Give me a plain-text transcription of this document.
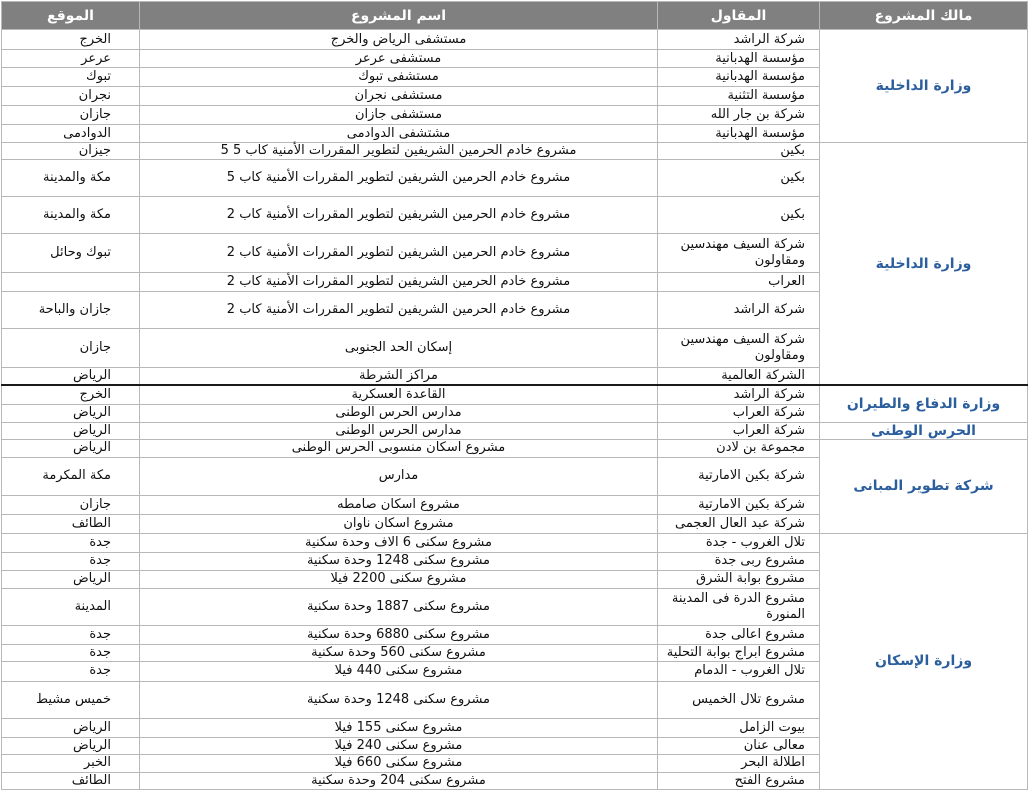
مالك المشروع	المقاول	اسم المشروع	الموقع
وزارة الداخلية	شركة الراشد	مستشفى الرياض والخرج	الخرج
	مؤسسة الهدبانية	مستشفى عرعر	عرعر
	مؤسسة الهدبانية	مستشفى تبوك	تبوك
	مؤسسة التثنية	مستشفى نجران	نجران
	شركة بن جار الله	مستشفى جازان	جازان
	مؤسسة الهدبانية	مشتشفى الدوادمى	الدوادمى
وزارة الداخلية	بكين	مشروع خادم الحرمين الشريفين لتطوير المقررات الأمنية كاب 5 5	جيزان
	بكين	مشروع خادم الحرمين الشريفين لتطوير المقررات الأمنية كاب 5	مكة والمدينة
	بكين	مشروع خادم الحرمين الشريفين لتطوير المقررات الأمنية كاب 2	مكة والمدينة
	شركة السيف مهندسين ومقاولون	مشروع خادم الحرمين الشريفين لتطوير المقررات الأمنية كاب 2	تبوك وحائل
	العراب	مشروع خادم الحرمين الشريفين لتطوير المقررات الأمنية كاب 2	
	شركة الراشد	مشروع خادم الحرمين الشريفين لتطوير المقررات الأمنية كاب 2	جازان والباحة
	شركة السيف مهندسين ومقاولون	إسكان الحد الجنوبى	جازان
	الشركة العالمية	مراكز الشرطة	الرياض
وزارة الدفاع والطيران	شركة الراشد	القاعدة العسكرية	الخرج
	شركة العراب	مدارس الحرس الوطنى	الرياض
الحرس الوطنى	شركة العراب	مدارس الحرس الوطنى	الرياض
شركة تطوير المبانى	مجموعة بن لادن	مشروع اسكان منسوبى الحرس الوطنى	الرياض
	شركة بكين الامارتية	مدارس	مكة المكرمة
	شركة بكين الامارتية	مشروع اسكان صامطه	جازان
	شركة عبد العال العجمى	مشروع اسكان ناوان	الطائف
وزارة الإسكان	تلال الغروب - جدة	مشروع سكنى 6 الاف وحدة سكنية	جدة
	مشروع ربى جدة	مشروع سكنى 1248 وحدة سكنية	جدة
	مشروع بوابة الشرق	مشروع سكنى 2200 فيلا	الرياض
	مشروع الدرة فى المدينة المنورة	مشروع سكنى 1887 وحدة سكنية	المدينة
	مشروع اعالى جدة	مشروع سكنى 6880 وحدة سكنية	جدة
	مشروع ابراج بوابة التحلية	مشروع سكنى 560 وحدة سكنية	جدة
	تلال الغروب - الدمام	مشروع سكنى 440 فيلا	جدة
	مشروع تلال الخميس	مشروع سكنى 1248 وحدة سكنية	خميس مشيط
	بيوت الزامل	مشروع سكنى 155 فيلا	الرياض
	معالى عنان	مشروع سكنى 240 فيلا	الرياض
	اطلالة البحر	مشروع سكنى 660 فيلا	الخبر
	مشروع الفتح	مشروع سكنى 204 وحدة سكنية	الطائف
